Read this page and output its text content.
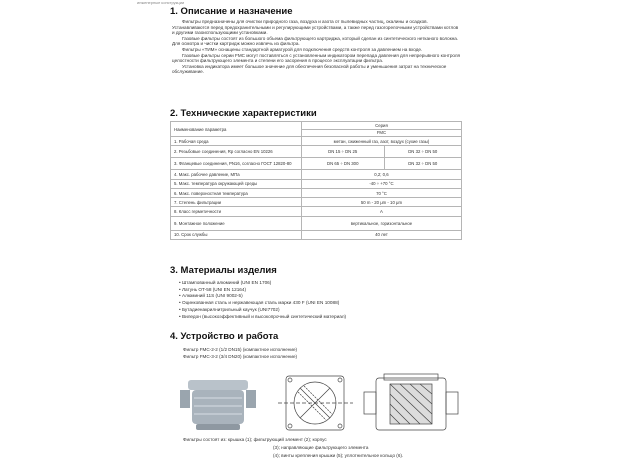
инженерные конструкции
1. Описание и назначение

Фильтры предназначены для очистки природного газа, воздуха и азота от пылевидных частиц, окалины и осадков. Устанавливаются перед предохранительными и регулирующими устройствами, а также перед газогорелочными устройствами котлов и другими газоиспользующими установками.

Газовые фильтры состоят из большого объема фильтрующего картриджа, который сделан из синтетического нетканого волокна. Для осмотра и чистки картридж можно извлечь из фильтра.

Фильтры «ТИМ» оснащены стандартной арматурой для подключения средств контроля за давлением на входе.

Газовые фильтры серии FMC могут поставляться с установленным индикатором перепада давления для непрерывного контроля целостности фильтрующего элемента и степени его засорения в процессе эксплуатации фильтра.

Установка индикатора имеет большое значение для обеспечения безопасной работы и уменьшения затрат на техническое обслуживание.

2. Технические характеристики
Наименование параметра	Серия	
	FMC	
1. Рабочая среда	метан, сжиженный газ, азот, воздух (сухие газы)	
2. Резьбовые соединения, Rp согласно EN 10226	DN 15 ÷ DN 25	DN 32 ÷ DN 50
3. Фланцевые соединения, PN16, согласно ГОСТ 12820-80	DN 65 ÷ DN 300	DN 32 ÷ DN 50
4. Макс. рабочее давление, МПа	0,2; 0,6	
5. Макс. температура окружающей среды	-40 ÷ +70 °C	
6. Макс. поверхностная температура	70 °C	
7. Степень фильтрации	50 m - 20 μm - 10 μm	
8. Класс герметичности	A	
9. Монтажное положение	вертикальное, горизонтальное	
10. Срок службы	40 лет	
3. Материалы изделия
• Штампованный алюминий (UNI EN 1706)
• Латунь OT-58 (UNI EN 12164)
• Алюминий 11S (UNI 9002-5)
• Оцинкованная сталь и нержавеющая сталь марки 430 F (UNI EN 10088)
• Бутадиенакрилнитрильный каучук (UNI7702)
• Виледон (высокоэффективный и высокопрочный синтетический материал)
4. Устройство и работа
Фильтр FMC-2-2 (1/2 DN15) (компактное исполнение)
Фильтр FMC-3-2 (3/4 DN20) (компактное исполнение)
Фильтры состоят из: крышка (1); фильтрующий элемент (2); корпус
(3); направляющие фильтрующего элемента
(4); винты крепления крышки (5); уплотнительное кольцо (6).
